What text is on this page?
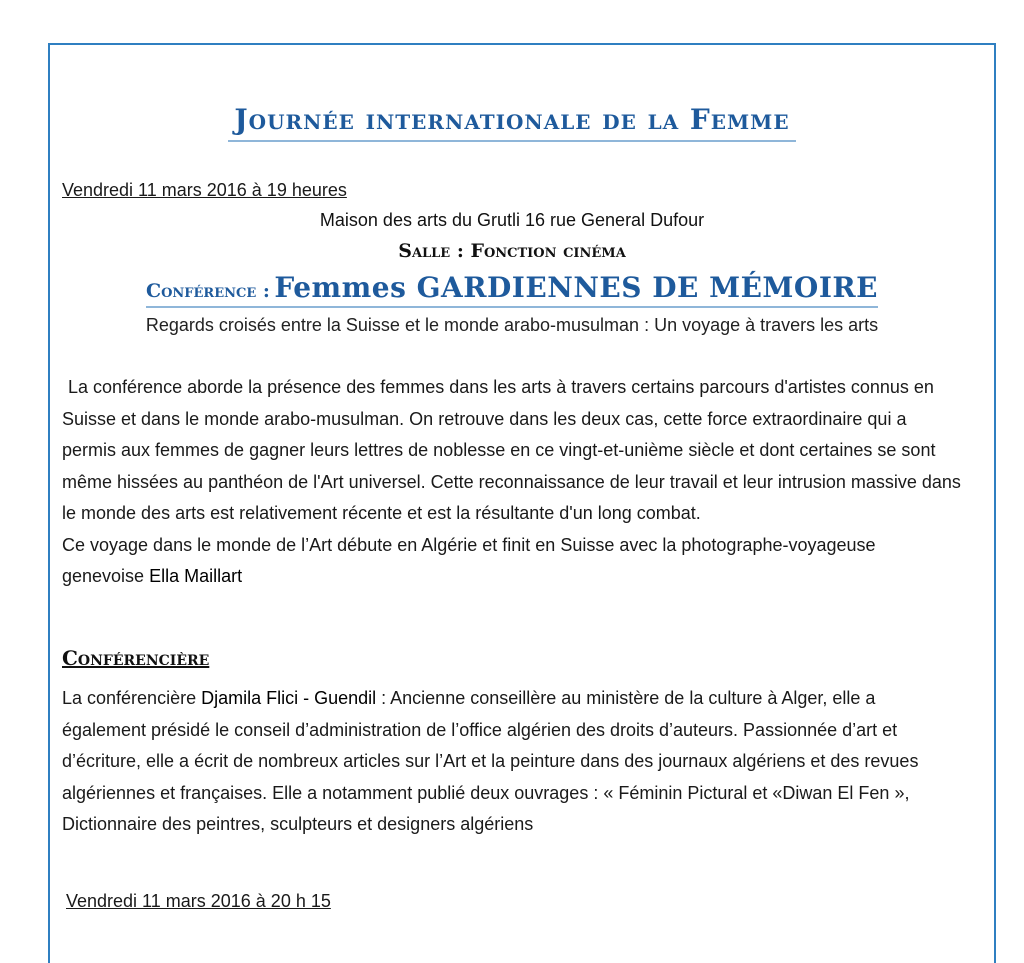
Journée internationale de la Femme
Vendredi 11 mars 2016 à 19 heures
Maison des arts du Grutli 16 rue General Dufour
Salle : Fonction cinéma
Conférence : Femmes GARDIENNES DE MÉMOIRE
Regards croisés entre la Suisse et le monde arabo-musulman : Un voyage à travers les arts

La conférence aborde la présence des femmes dans les arts à travers certains parcours d'artistes connus en Suisse et dans le monde arabo-musulman. On retrouve dans les deux cas, cette force extraordinaire qui a permis aux femmes de gagner leurs lettres de noblesse en ce vingt-et-unième siècle et dont certaines se sont même hissées au panthéon de l'Art universel. Cette reconnaissance de leur travail et leur intrusion massive dans le monde des arts est relativement récente et est la résultante d'un long combat.

Ce voyage dans le monde de l’Art débute en Algérie et finit en Suisse avec la photographe-voyageuse genevoise Ella Maillart

Conférencière
La conférencière Djamila Flici - Guendil : Ancienne conseillère au ministère de la culture à Alger, elle a également présidé le conseil d’administration de l’office algérien des droits d’auteurs. Passionnée d’art et d’écriture, elle a écrit de nombreux articles sur l’Art et la peinture dans des journaux algériens et des revues algériennes et françaises. Elle a notamment publié deux ouvrages : « Féminin Pictural et «Diwan El Fen », Dictionnaire des peintres, sculpteurs et designers algériens
Vendredi 11 mars 2016 à 20 h 15
